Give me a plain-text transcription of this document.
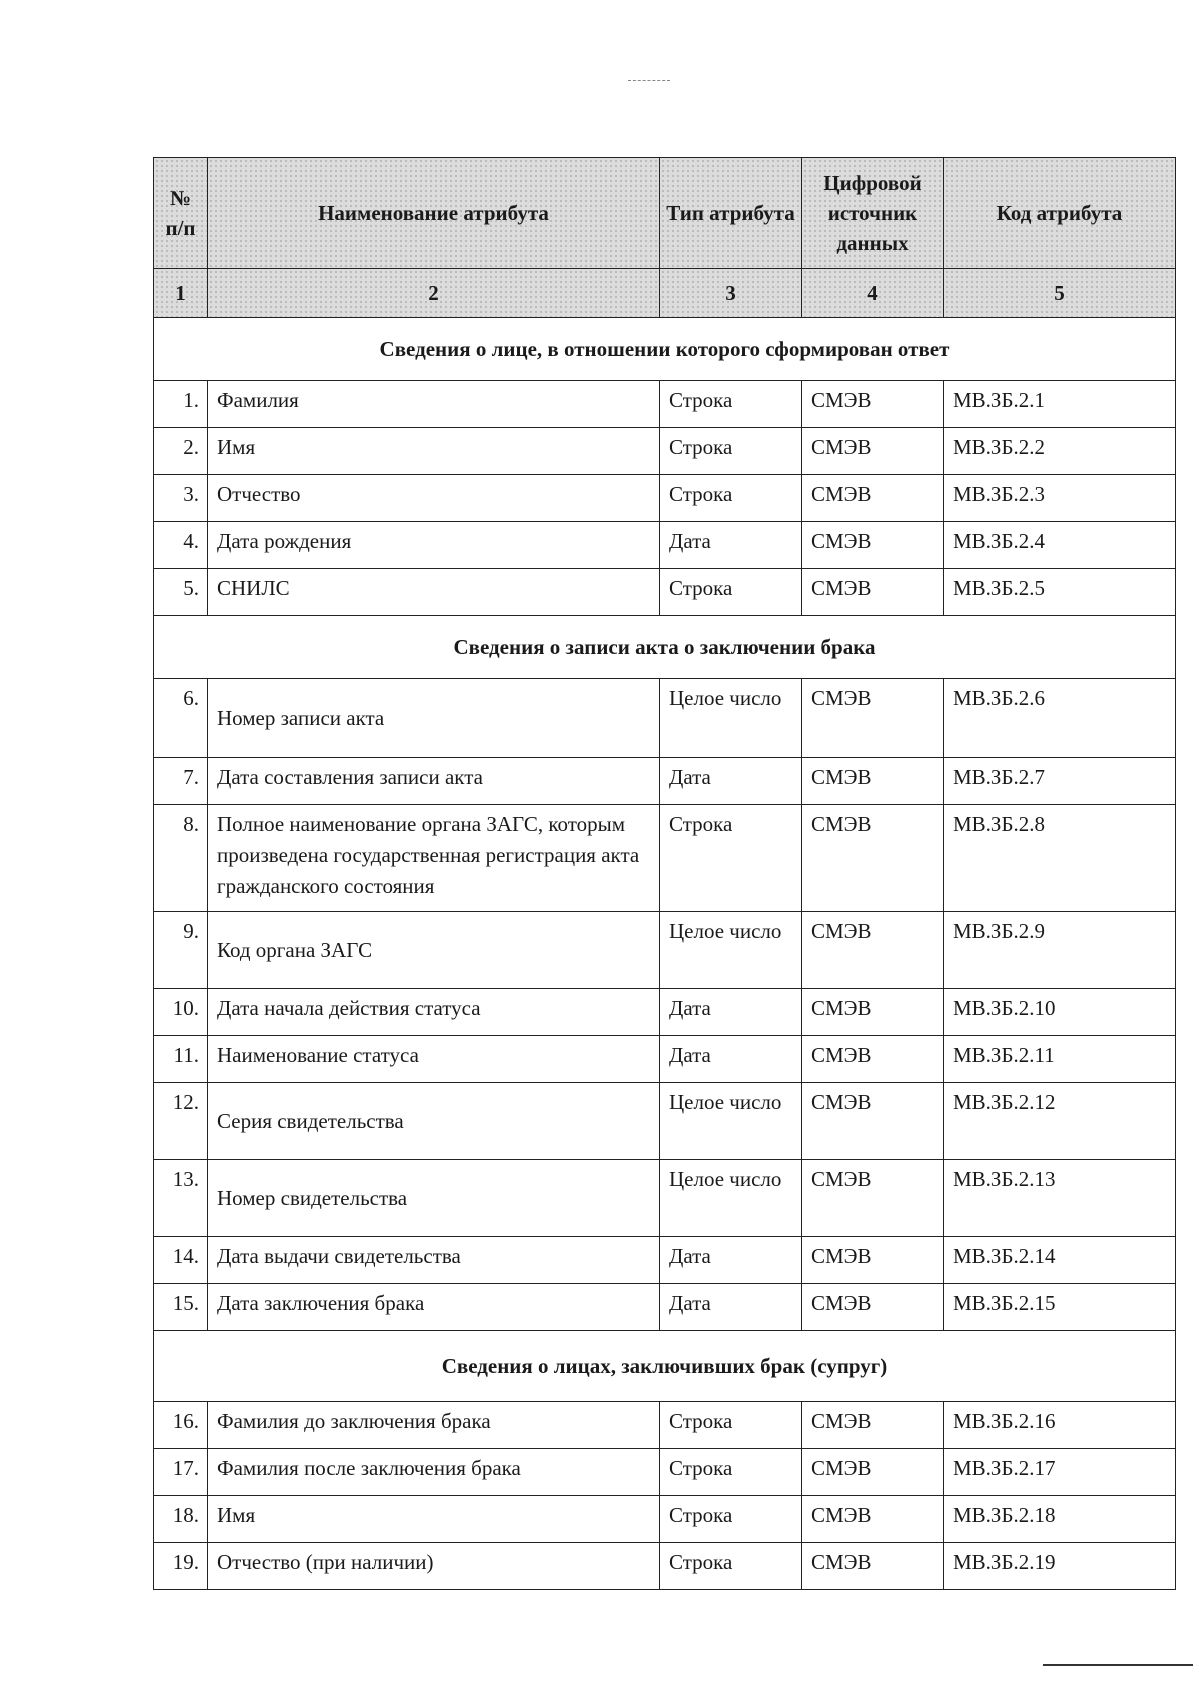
№ п/п	Наименование атрибута	Тип атрибута	Цифровой источник данных	Код атрибута
1	2	3	4	5
Сведения о лице, в отношении которого сформирован ответ				
1.	Фамилия	Строка	СМЭВ	МВ.ЗБ.2.1
2.	Имя	Строка	СМЭВ	МВ.ЗБ.2.2
3.	Отчество	Строка	СМЭВ	МВ.ЗБ.2.3
4.	Дата рождения	Дата	СМЭВ	МВ.ЗБ.2.4
5.	СНИЛС	Строка	СМЭВ	МВ.ЗБ.2.5
Сведения о записи акта о заключении брака				
6.	Номер записи акта	Целое число	СМЭВ	МВ.ЗБ.2.6
7.	Дата составления записи акта	Дата	СМЭВ	МВ.ЗБ.2.7
8.	Полное наименование органа ЗАГС, которым произведена государственная регистрация акта гражданского состояния	Строка	СМЭВ	МВ.ЗБ.2.8
9.	Код органа ЗАГС	Целое число	СМЭВ	МВ.ЗБ.2.9
10.	Дата начала действия статуса	Дата	СМЭВ	МВ.ЗБ.2.10
11.	Наименование статуса	Дата	СМЭВ	МВ.ЗБ.2.11
12.	Серия свидетельства	Целое число	СМЭВ	МВ.ЗБ.2.12
13.	Номер свидетельства	Целое число	СМЭВ	МВ.ЗБ.2.13
14.	Дата выдачи свидетельства	Дата	СМЭВ	МВ.ЗБ.2.14
15.	Дата заключения брака	Дата	СМЭВ	МВ.ЗБ.2.15
Сведения о лицах, заключивших брак (супруг)				
16.	Фамилия до заключения брака	Строка	СМЭВ	МВ.ЗБ.2.16
17.	Фамилия после заключения брака	Строка	СМЭВ	МВ.ЗБ.2.17
18.	Имя	Строка	СМЭВ	МВ.ЗБ.2.18
19.	Отчество (при наличии)	Строка	СМЭВ	МВ.ЗБ.2.19
